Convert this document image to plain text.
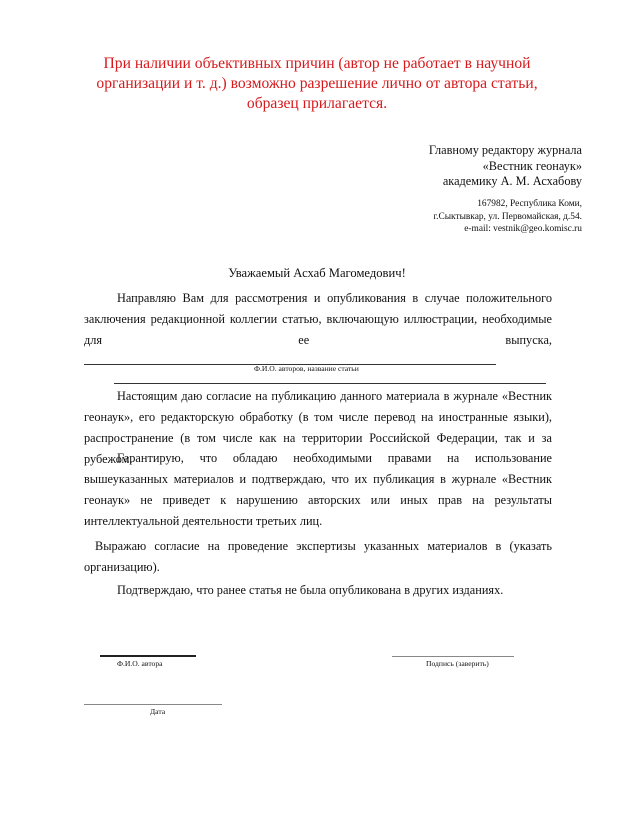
При наличии объективных причин (автор не работает в научной
организации и т. д.) возможно разрешение лично от автора статьи,
образец прилагается.
Главному редактору журнала
«Вестник геонаук»
академику А. М. Асхабову
167982, Республика Коми,
г.Сыктывкар, ул. Первомайская, д.54.
e-mail: vestnik@geo.komisc.ru
Уважаемый Асхаб Магомедович!

Направляю Вам для рассмотрения и опубликования в случае положительного заключения редакционной коллегии статью, включающую иллюстрации, необходимые для ее выпуска,

Ф.И.О. авторов, название статьи

Настоящим даю согласие на публикацию данного материала в журнале «Вестник геонаук», его редакторскую обработку (в том числе перевод на иностранные языки), распространение (в том числе как на территории Российской Федерации, так и за рубежом.

Гарантирую, что обладаю необходимыми правами на использование вышеуказанных материалов и подтверждаю, что их публикация в журнале «Вестник геонаук» не приведет к нарушению авторских или иных прав на результаты интеллектуальной деятельности третьих лиц.

Выражаю согласие на проведение экспертизы указанных материалов в (указать организацию).

Подтверждаю, что ранее статья не была опубликована в других изданиях.

Ф.И.О. автора	Подпись (заверить)
Дата
